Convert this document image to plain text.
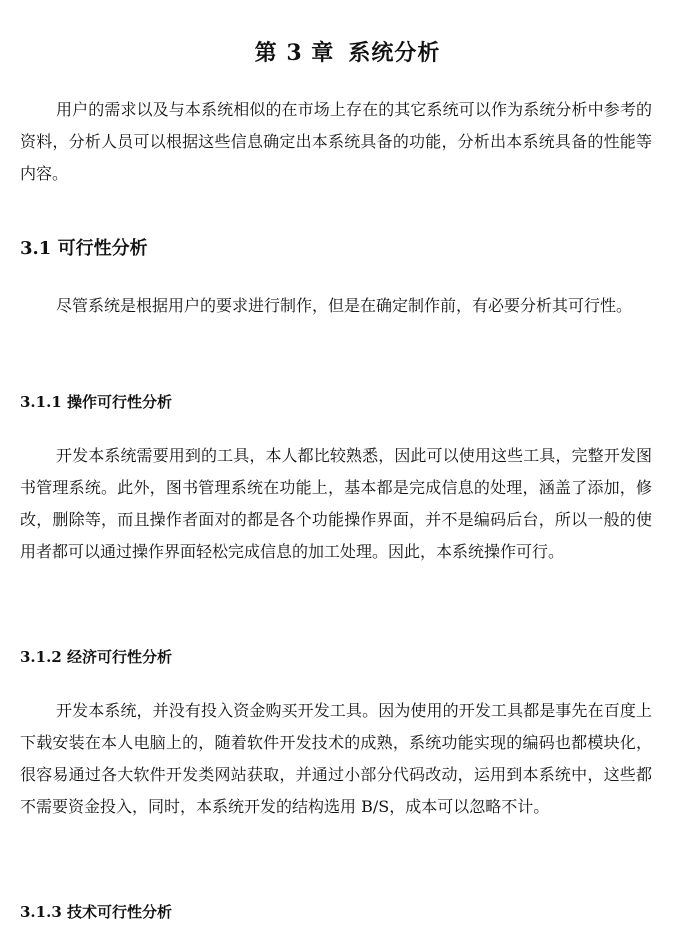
第 3 章 系统分析

用户的需求以及与本系统相似的在市场上存在的其它系统可以作为系统分析中参考的资料，分析人员可以根据这些信息确定出本系统具备的功能，分析出本系统具备的性能等内容。

3.1 可行性分析

尽管系统是根据用户的要求进行制作，但是在确定制作前，有必要分析其可行性。

3.1.1 操作可行性分析

开发本系统需要用到的工具，本人都比较熟悉，因此可以使用这些工具，完整开发图书管理系统。此外，图书管理系统在功能上，基本都是完成信息的处理，涵盖了添加，修改，删除等，而且操作者面对的都是各个功能操作界面，并不是编码后台，所以一般的使用者都可以通过操作界面轻松完成信息的加工处理。因此，本系统操作可行。

3.1.2 经济可行性分析

开发本系统，并没有投入资金购买开发工具。因为使用的开发工具都是事先在百度上下载安装在本人电脑上的，随着软件开发技术的成熟，系统功能实现的编码也都模块化，很容易通过各大软件开发类网站获取，并通过小部分代码改动，运用到本系统中，这些都不需要资金投入，同时，本系统开发的结构选用 B/S，成本可以忽略不计。

3.1.3 技术可行性分析
